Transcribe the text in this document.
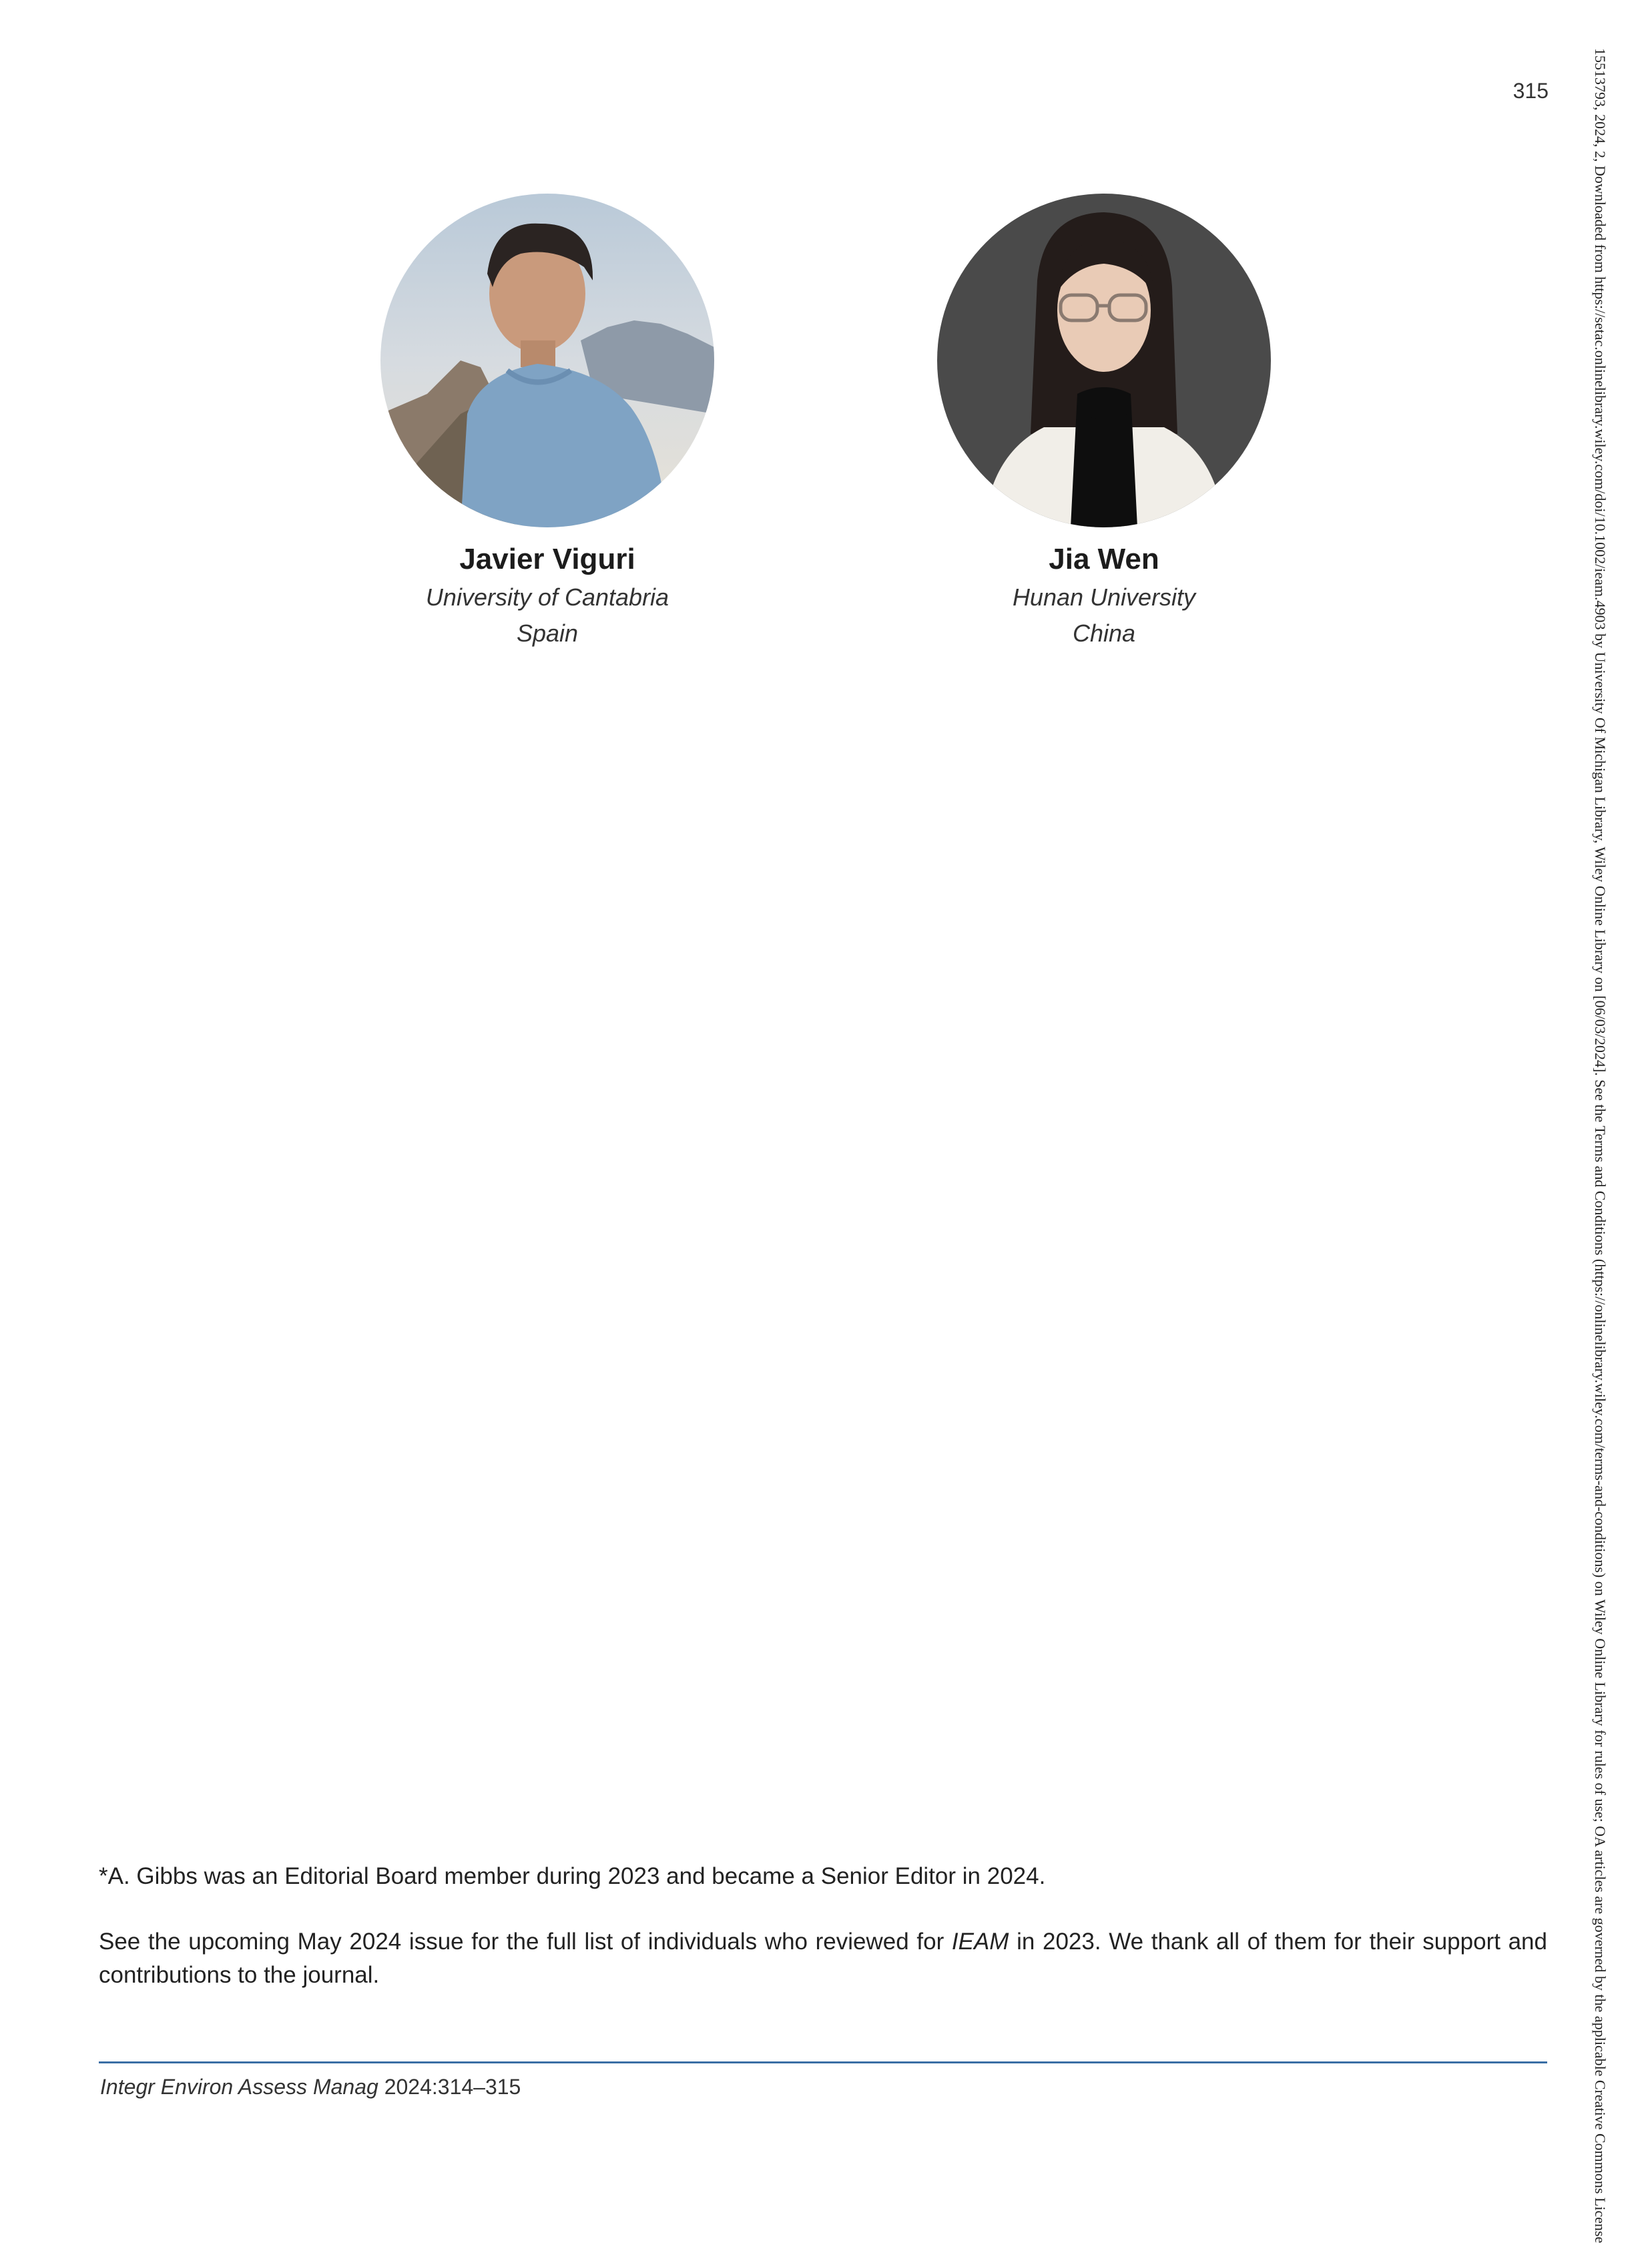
315	15513793, 2024, 2, Downloaded from https://setac.onlinelibrary.wiley.com/doi/10.1002/ieam.4903 by University Of Michigan Library, Wiley Online Library on [06/03/2024]. See the Terms and Conditions (https://onlinelibrary.wiley.com/terms-and-conditions) on Wiley Online Library for rules of use; OA articles are governed by the applicable Creative Commons License
Javier Viguri
University of Cantabria
Spain
Jia Wen
Hunan University
China
*A. Gibbs was an Editorial Board member during 2023 and became a Senior Editor in 2024.
See the upcoming May 2024 issue for the full list of individuals who reviewed for IEAM in 2023. We thank all of them for their support and contributions to the journal.
Integr Environ Assess Manag 2024:314–315
